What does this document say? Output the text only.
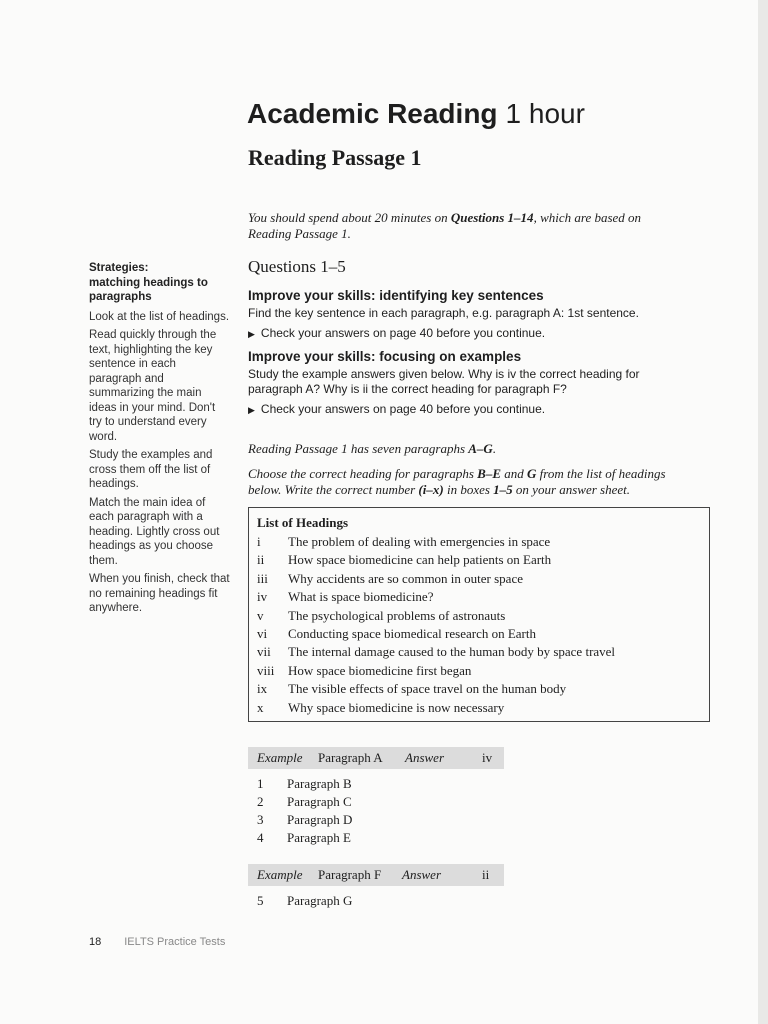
Academic Reading 1 hour
Reading Passage 1
You should spend about 20 minutes on Questions 1–14, which are based on Reading Passage 1.
Strategies:
matching headings to paragraphs

Look at the list of headings.

Read quickly through the text, highlighting the key sentence in each paragraph and summarizing the main ideas in your mind. Don't try to understand every word.

Study the examples and cross them off the list of headings.

Match the main idea of each paragraph with a heading. Lightly cross out headings as you choose them.

When you finish, check that no remaining headings fit anywhere.

Questions 1–5
Improve your skills: identifying key sentences
Find the key sentence in each paragraph, e.g. paragraph A: 1st sentence.
▶ Check your answers on page 40 before you continue.
Improve your skills: focusing on examples
Study the example answers given below. Why is iv the correct heading for paragraph A? Why is ii the correct heading for paragraph F?
▶ Check your answers on page 40 before you continue.
Reading Passage 1 has seven paragraphs A–G.
Choose the correct heading for paragraphs B–E and G from the list of headings below. Write the correct number (i–x) in boxes 1–5 on your answer sheet.
List of Headings
i	The problem of dealing with emergencies in space
ii	How space biomedicine can help patients on Earth
iii	Why accidents are so common in outer space
iv	What is space biomedicine?
v	The psychological problems of astronauts
vi	Conducting space biomedical research on Earth
vii	The internal damage caused to the human body by space travel
viii	How space biomedicine first began
ix	The visible effects of space travel on the human body
x	Why space biomedicine is now necessary
Example	Paragraph A	Answer	iv
1	Paragraph B
2	Paragraph C
3	Paragraph D
4	Paragraph E
Example	Paragraph F	Answer	ii
5	Paragraph G
18 IELTS Practice Tests
